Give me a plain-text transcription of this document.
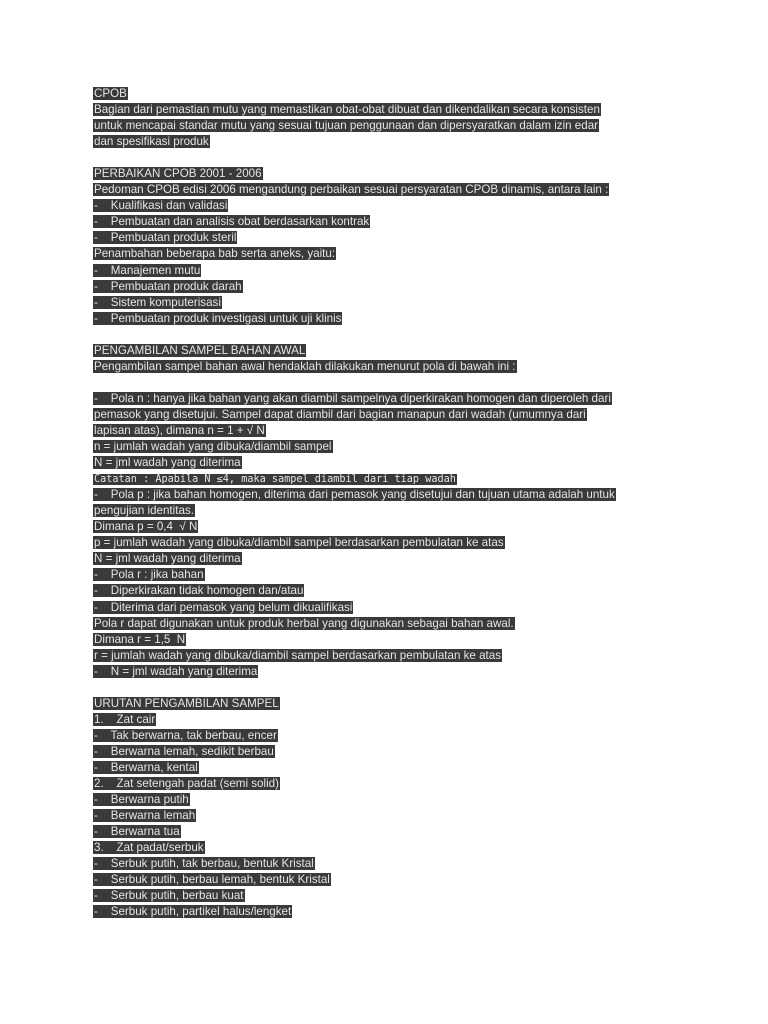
CPOB
Bagian dari pemastian mutu yang memastikan obat-obat dibuat dan dikendalikan secara konsisten
untuk mencapai standar mutu yang sesuai tujuan penggunaan dan dipersyaratkan dalam izin edar
dan spesifikasi produk
PERBAIKAN CPOB 2001 - 2006
Pedoman CPOB edisi 2006 mengandung perbaikan sesuai persyaratan CPOB dinamis, antara lain :
-    Kualifikasi dan validasi
-    Pembuatan dan analisis obat berdasarkan kontrak
-    Pembuatan produk steril
Penambahan beberapa bab serta aneks, yaitu:
-    Manajemen mutu
-    Pembuatan produk darah
-    Sistem komputerisasi
-    Pembuatan produk investigasi untuk uji klinis
PENGAMBILAN SAMPEL BAHAN AWAL
Pengambilan sampel bahan awal hendaklah dilakukan menurut pola di bawah ini :
-    Pola n : hanya jika bahan yang akan diambil sampelnya diperkirakan homogen dan diperoleh dari
pemasok yang disetujui. Sampel dapat diambil dari bagian manapun dari wadah (umumnya dari
lapisan atas), dimana n = 1 + √ N
n = jumlah wadah yang dibuka/diambil sampel
N = jml wadah yang diterima
Catatan : Apabila N ≤4, maka sampel diambil dari tiap wadah
-    Pola p : jika bahan homogen, diterima dari pemasok yang disetujui dan tujuan utama adalah untuk
pengujian identitas.
Dimana p = 0,4  √ N
p = jumlah wadah yang dibuka/diambil sampel berdasarkan pembulatan ke atas
N = jml wadah yang diterima
-    Pola r : jika bahan
-    Diperkirakan tidak homogen dan/atau
-    Diterima dari pemasok yang belum dikualifikasi
Pola r dapat digunakan untuk produk herbal yang digunakan sebagai bahan awal.
Dimana r = 1,5  N
r = jumlah wadah yang dibuka/diambil sampel berdasarkan pembulatan ke atas
-    N = jml wadah yang diterima
URUTAN PENGAMBILAN SAMPEL
1.    Zat cair
-    Tak berwarna, tak berbau, encer
-    Berwarna lemah, sedikit berbau
-    Berwarna, kental
2.    Zat setengah padat (semi solid)
-    Berwarna putih
-    Berwarna lemah
-    Berwarna tua
3.    Zat padat/serbuk
-    Serbuk putih, tak berbau, bentuk Kristal
-    Serbuk putih, berbau lemah, bentuk Kristal
-    Serbuk putih, berbau kuat
-    Serbuk putih, partikel halus/lengket
